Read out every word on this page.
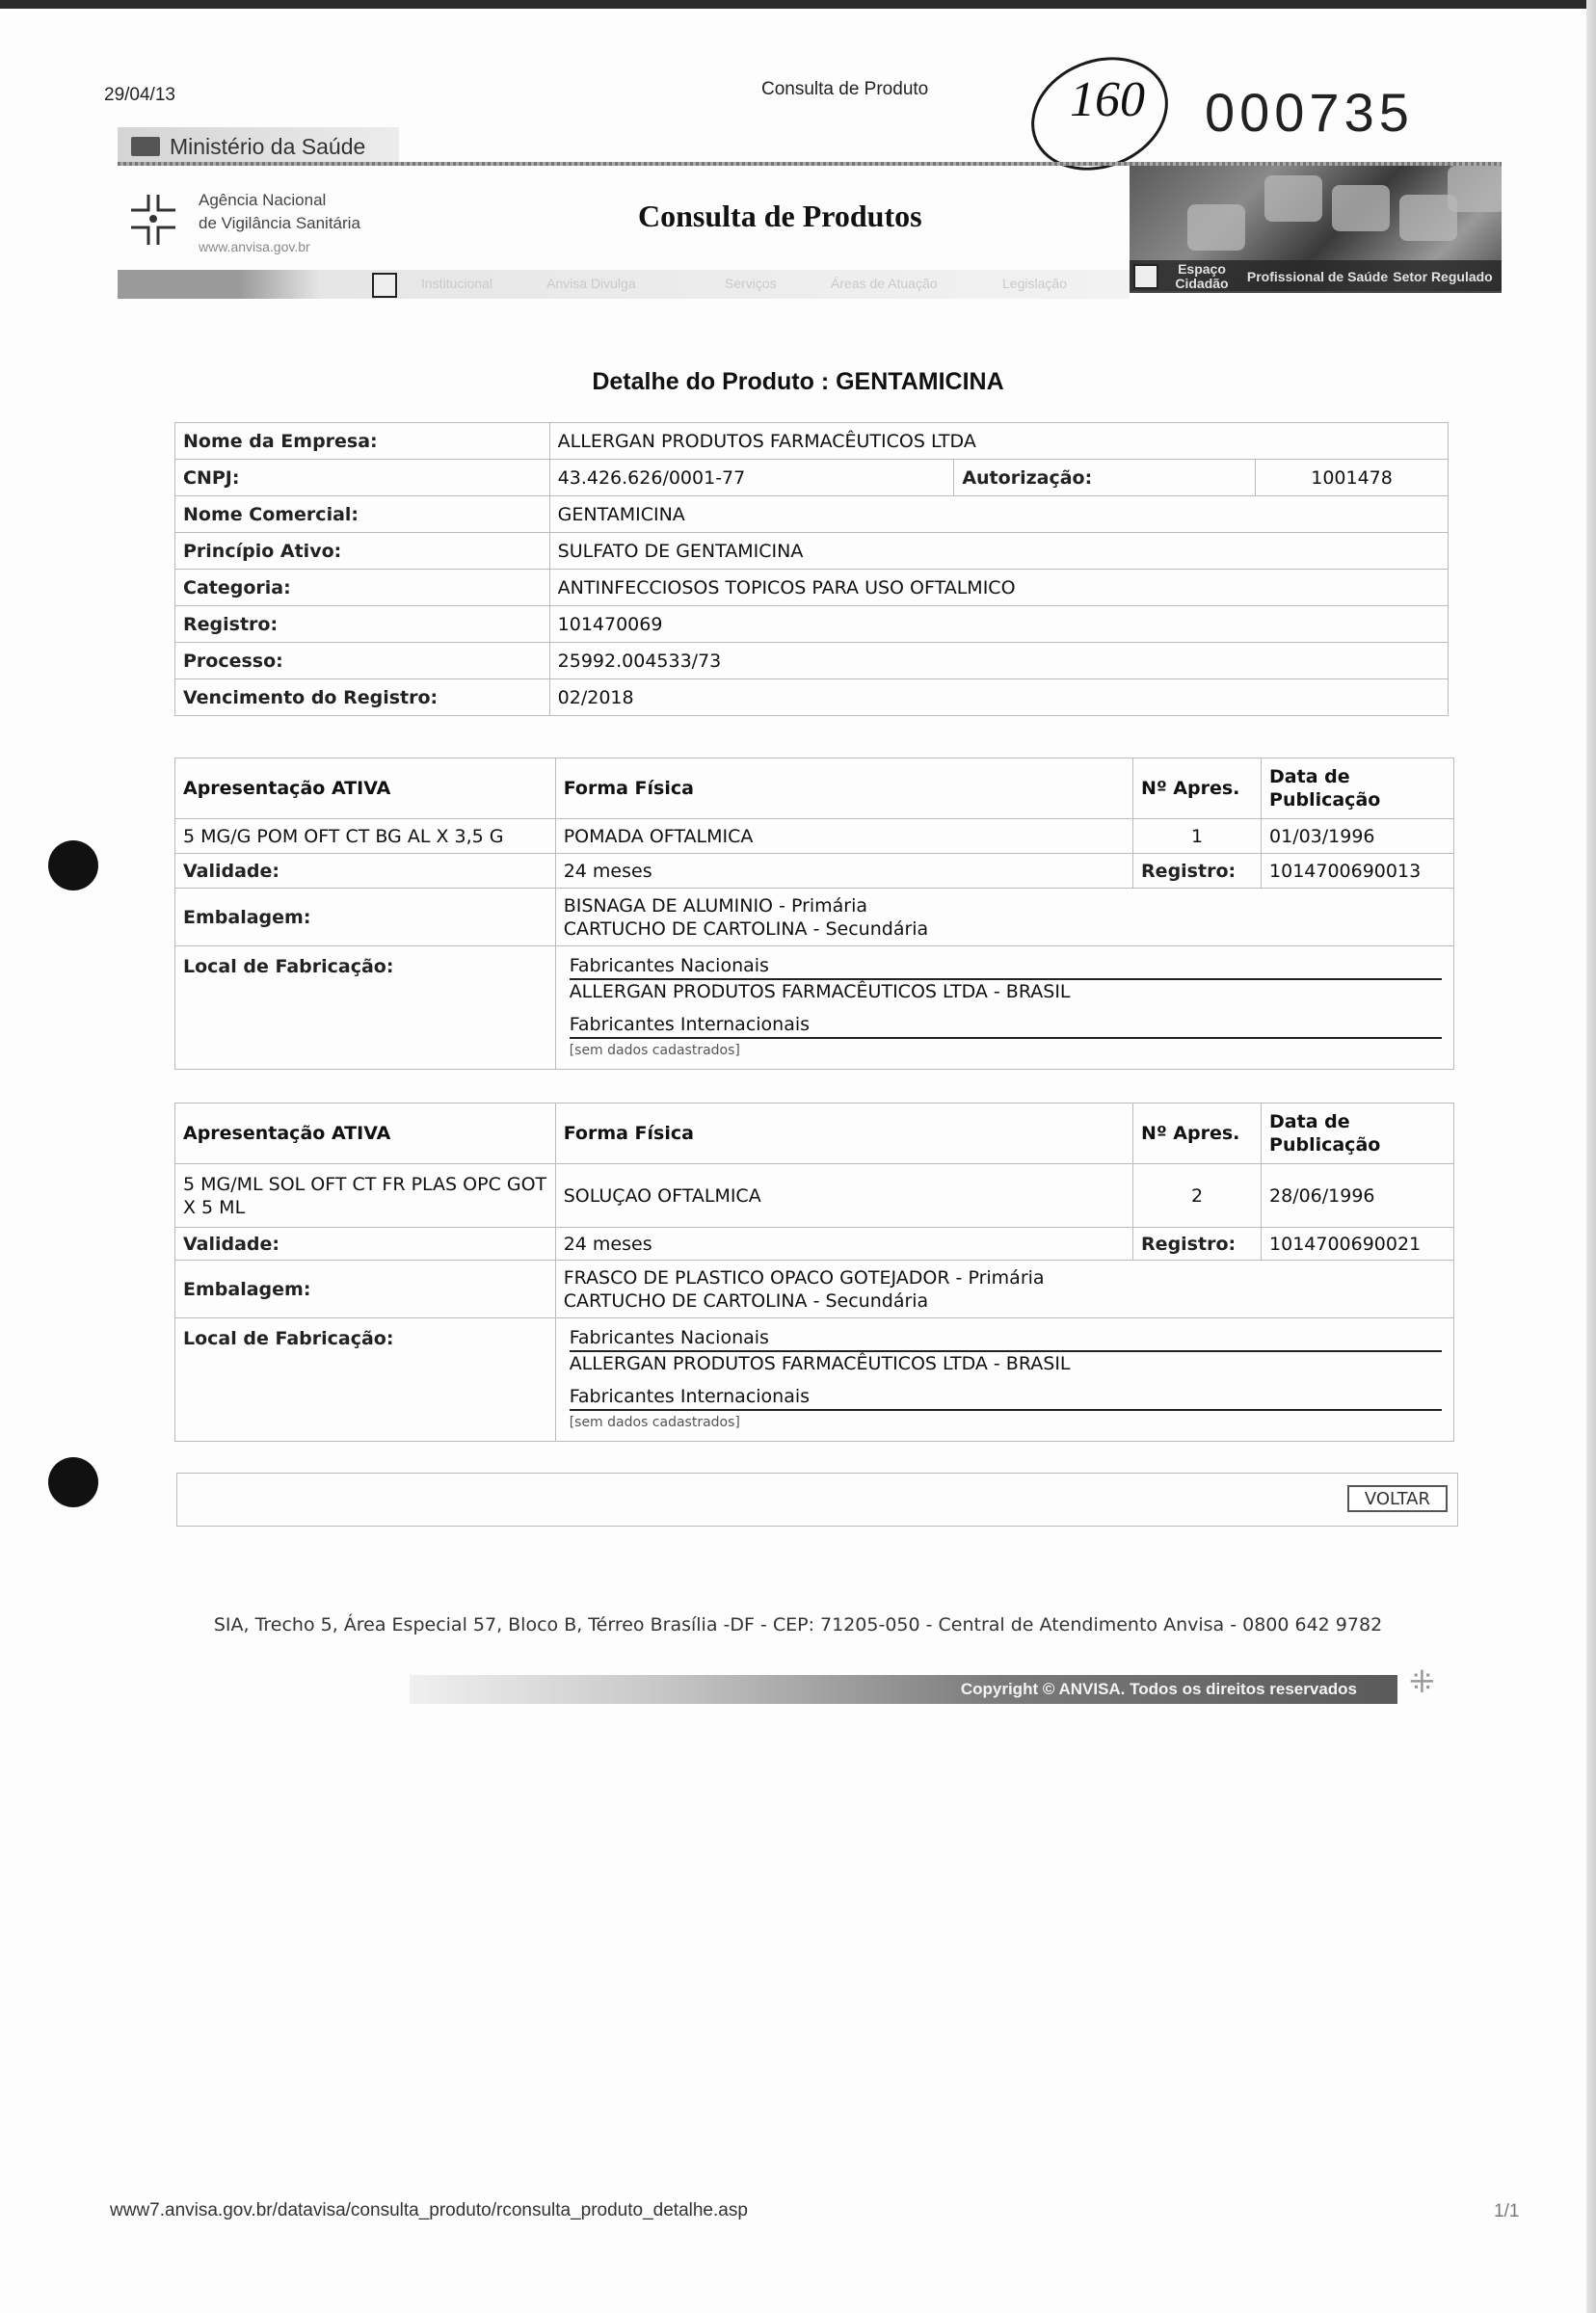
29/04/13	Consulta de Produto	160 000735
Ministério da Saúde
Agência Nacional
de Vigilância Sanitária
www.anvisa.gov.br
Consulta de Produtos
Institucional	Anvisa Divulga	Serviços	Áreas de Atuação	Legislação
Espaço Cidadão	Profissional de Saúde Setor Regulado
Detalhe do Produto : GENTAMICINA
Nome da Empresa:	ALLERGAN PRODUTOS FARMACÊUTICOS LTDA		
CNPJ:	43.426.626/0001-77	Autorização:	1001478
Nome Comercial:	GENTAMICINA		
Princípio Ativo:	SULFATO DE GENTAMICINA		
Categoria:	ANTINFECCIOSOS TOPICOS PARA USO OFTALMICO		
Registro:	101470069		
Processo:	25992.004533/73		
Vencimento do Registro:	02/2018		
Apresentação ATIVA	Forma Física	Nº Apres.	Data de
Publicação

5 MG/G POM OFT CT BG AL X 3,5 G	POMADA OFTALMICA	1	01/03/1996
Validade:	24 meses	Registro:	1014700690013
Embalagem:	BISNAGA DE ALUMINIO - Primária
CARTUCHO DE CARTOLINA - Secundária		

Local de Fabricação:	Fabricantes Nacionais
ALLERGAN PRODUTOS FARMACÊUTICOS LTDA - BRASIL
Fabricantes Internacionais
[sem dados cadastrados]		
Apresentação ATIVA	Forma Física	Nº Apres.	Data de
Publicação

5 MG/ML SOL OFT CT FR PLAS OPC GOT X 5 ML	SOLUÇAO OFTALMICA	2	28/06/1996
Validade:	24 meses	Registro:	1014700690021
Embalagem:	FRASCO DE PLASTICO OPACO GOTEJADOR - Primária
CARTUCHO DE CARTOLINA - Secundária		

Local de Fabricação:	Fabricantes Nacionais
ALLERGAN PRODUTOS FARMACÊUTICOS LTDA - BRASIL
Fabricantes Internacionais
[sem dados cadastrados]		
VOLTAR
SIA, Trecho 5, Área Especial 57, Bloco B, Térreo Brasília -DF - CEP: 71205-050 - Central de Atendimento Anvisa - 0800 642 9782
Copyright © ANVISA. Todos os direitos reservados ⁜
www7.anvisa.gov.br/datavisa/consulta_produto/rconsulta_produto_detalhe.asp	1/1
